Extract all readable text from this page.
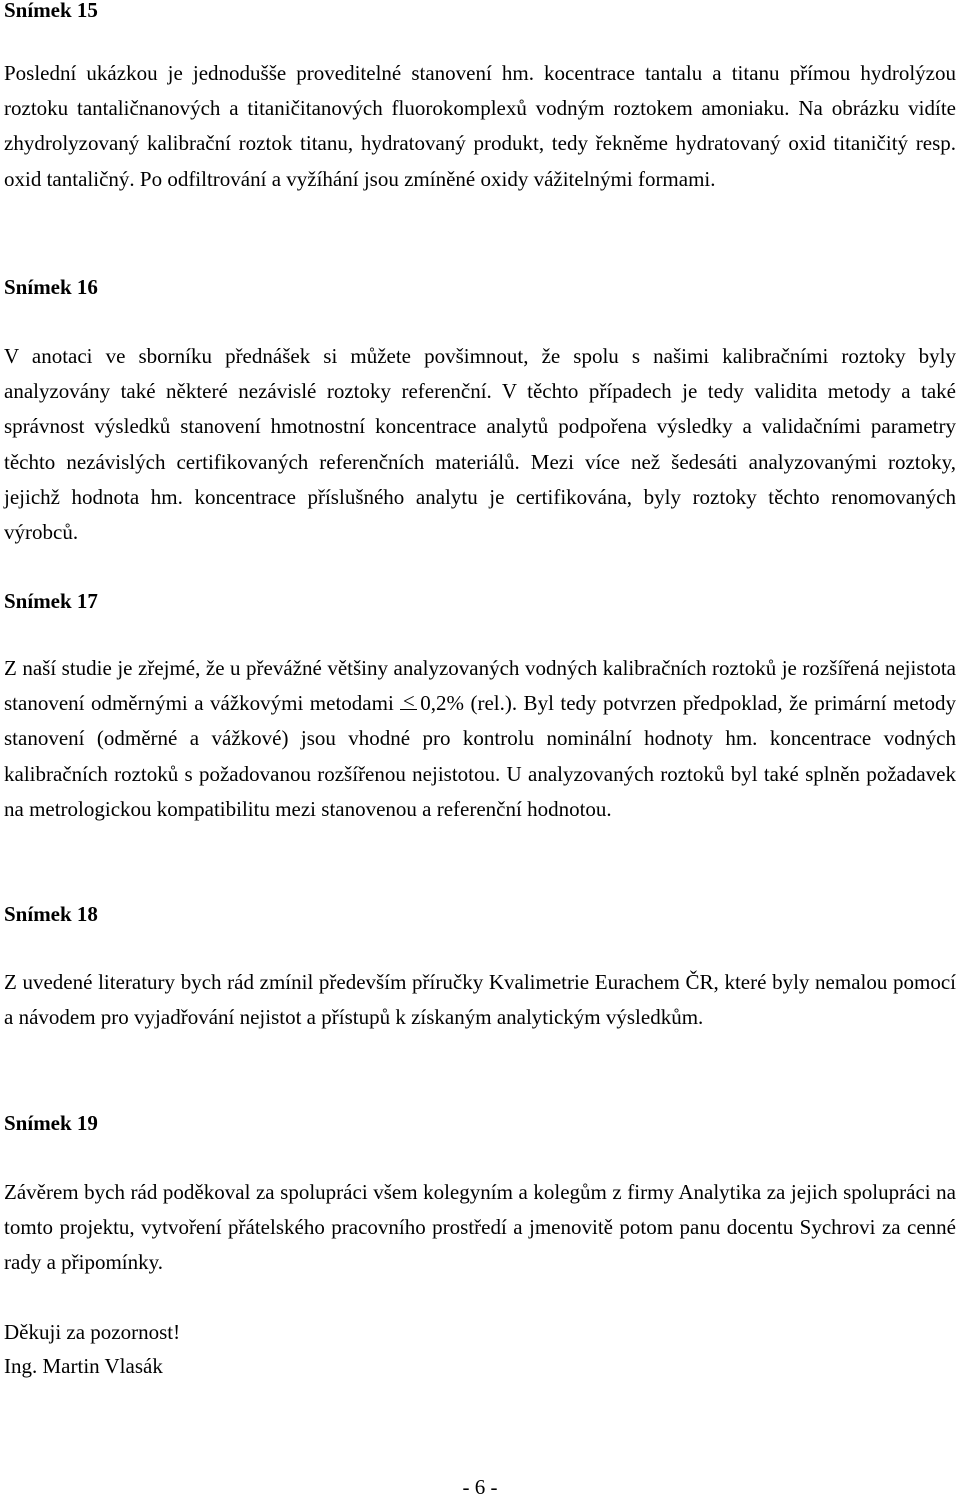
Snímek 15

Poslední ukázkou je jednodušše proveditelné stanovení hm. kocentrace tantalu a titanu přímou hydrolýzou roztoku tantaličnanových a titaničitanových fluorokomplexů vodným roztokem amoniaku. Na obrázku vidíte zhydrolyzovaný kalibrační roztok titanu, hydratovaný produkt, tedy řekněme hydratovaný oxid titaničitý resp. oxid tantaličný. Po odfiltrování a vyžíhání jsou zmíněné oxidy vážitelnými formami.

Snímek 16

V anotaci ve sborníku přednášek si můžete povšimnout, že spolu s našimi kalibračními roztoky byly analyzovány také některé nezávislé roztoky referenční. V těchto případech je tedy validita metody a také správnost výsledků stanovení hmotnostní koncentrace analytů podpořena výsledky a validačními parametry těchto nezávislých certifikovaných referenčních materiálů. Mezi více než šedesáti analyzovanými roztoky, jejichž hodnota hm. koncentrace příslušného analytu je certifikována, byly roztoky těchto renomovaných výrobců.

Snímek 17

Z naší studie je zřejmé, že u převážné většiny analyzovaných vodných kalibračních roztoků je rozšířená nejistota stanovení odměrnými a vážkovými metodami < 0,2% (rel.). Byl tedy potvrzen předpoklad, že primární metody stanovení (odměrné a vážkové) jsou vhodné pro kontrolu nominální hodnoty hm. koncentrace vodných kalibračních roztoků s požadovanou rozšířenou nejistotou. U analyzovaných roztoků byl také splněn požadavek na metrologickou kompatibilitu mezi stanovenou a referenční hodnotou.

Snímek 18

Z uvedené literatury bych rád zmínil především příručky Kvalimetrie Eurachem ČR, které byly nemalou pomocí a návodem pro vyjadřování nejistot a přístupů k získaným analytickým výsledkům.

Snímek 19

Závěrem bych rád poděkoval za spolupráci všem kolegyním a kolegům z firmy Analytika za jejich spolupráci na tomto projektu, vytvoření přátelského pracovního prostředí a jmenovitě potom panu docentu Sychrovi za cenné rady a připomínky.

Děkuji za pozornost!

Ing. Martin Vlasák

- 6 -
